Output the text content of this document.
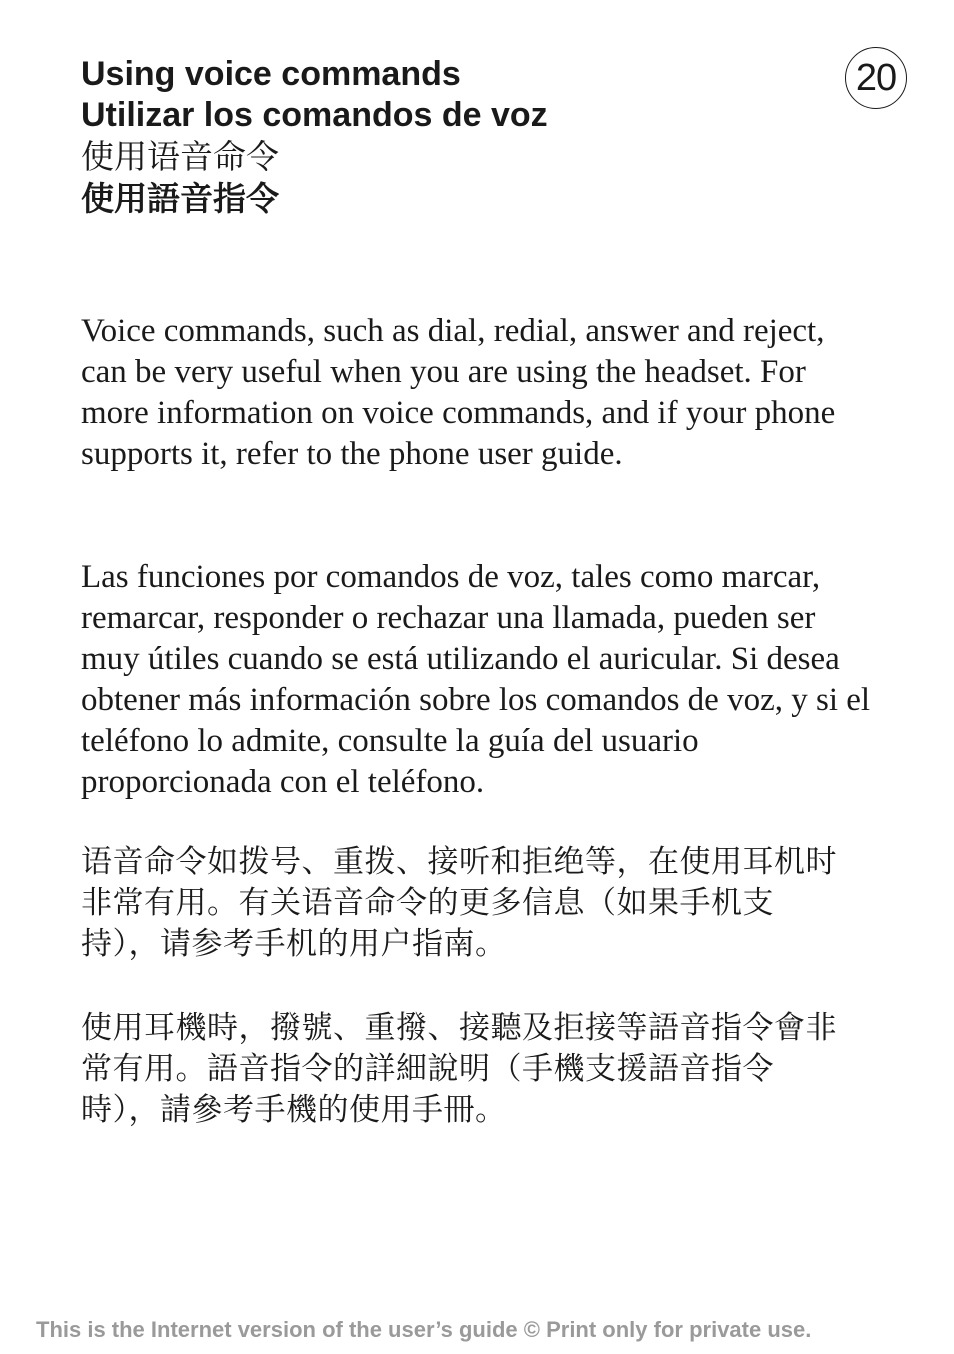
Using voice commands
Utilizar los comandos de voz
使用语音命令
使用語音指令
20

Voice commands, such as dial, redial, answer and reject, can be very useful when you are using the headset. For more information on voice commands, and if your phone supports it, refer to the phone user guide.

Las funciones por comandos de voz, tales como marcar, remarcar, responder o rechazar una llamada, pueden ser muy útiles cuando se está utilizando el auricular. Si desea obtener más información sobre los comandos de voz, y si el teléfono lo admite, consulte la guía del usuario proporcionada con el teléfono.

语音命令如拨号、重拨、接听和拒绝等，在使用耳机时非常有用。有关语音命令的更多信息（如果手机支持），请参考手机的用户指南。

使用耳機時，撥號、重撥、接聽及拒接等語音指令會非常有用。語音指令的詳細說明（手機支援語音指令時），請參考手機的使用手冊。

This is the Internet version of the user’s guide © Print only for private use.
